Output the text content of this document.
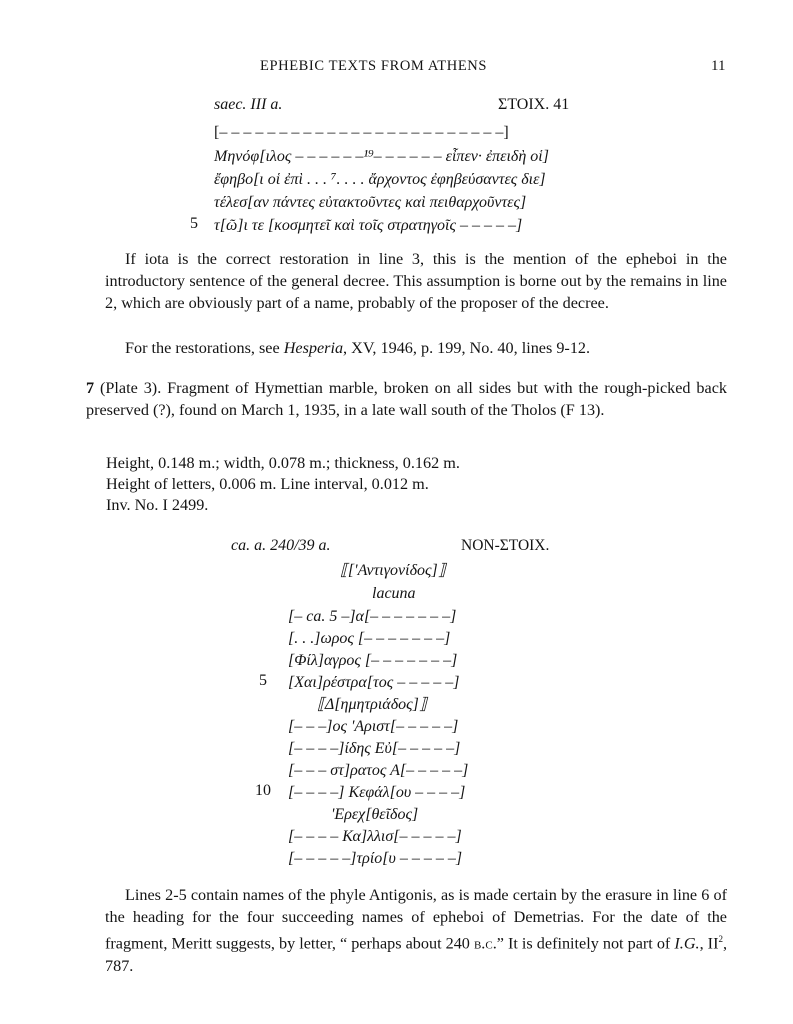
EPHEBIC TEXTS FROM ATHENS	11
saec. III a.	ΣΤΟΙΧ. 41
[– – – – – – – – – – – – – – – – – – – – – – – –]
Μηνόφ[ιλος – – – – – –¹⁹– – – – – – εἶπεν· ἐπειδὴ οἱ]
ἔφηβο[ι οἱ ἐπὶ . . . ⁷. . . . ἄρχοντος ἐφηβεύσαντες διε]
τέλεσ[αν πάντες εὐτακτοῦντες καὶ πειθαρχοῦντες]
5 τ[ῶ]ι τε [κοσμητεῖ καὶ τοῖς στρατηγοῖς – – – – –]
If iota is the correct restoration in line 3, this is the mention of the epheboi in the introductory sentence of the general decree. This assumption is borne out by the remains in line 2, which are obviously part of a name, probably of the proposer of the decree.
For the restorations, see Hesperia, XV, 1946, p. 199, No. 40, lines 9-12.
7 (Plate 3). Fragment of Hymettian marble, broken on all sides but with the rough-picked back preserved (?), found on March 1, 1935, in a late wall south of the Tholos (F 13).
Height, 0.148 m.; width, 0.078 m.; thickness, 0.162 m.
Height of letters, 0.006 m. Line interval, 0.012 m.
Inv. No. I 2499.
ca. a. 240/39 a.	NON-ΣΤΟΙΧ.
⟦['Αντιγονίδος]⟧
lacuna
[– ca. 5 –]α[– – – – – – –]
[. . .]ωρος [– – – – – – –]
[Φίλ]αγρος [– – – – – – –]
5 [Χαι]ρέστρα[τος – – – – –]
⟦Δ[ημητριάδος]⟧
[– – –]ος 'Αριστ[– – – – –]
[– – – –]ίδης Εὐ[– – – – –]
[– – – στ]ρατος Α[– – – – –]
10 [– – – –] Κεφάλ[ου – – – –]
'Ερεχ[θεῖδος]
[– – – – Κα]λλισ[– – – – –]
[– – – – –]τρίο[υ – – – – –]
Lines 2-5 contain names of the phyle Antigonis, as is made certain by the erasure in line 6 of the heading for the four succeeding names of epheboi of Demetrias. For the date of the fragment, Meritt suggests, by letter, “ perhaps about 240 b.c.” It is definitely not part of I.G., $II^2$, 787.
